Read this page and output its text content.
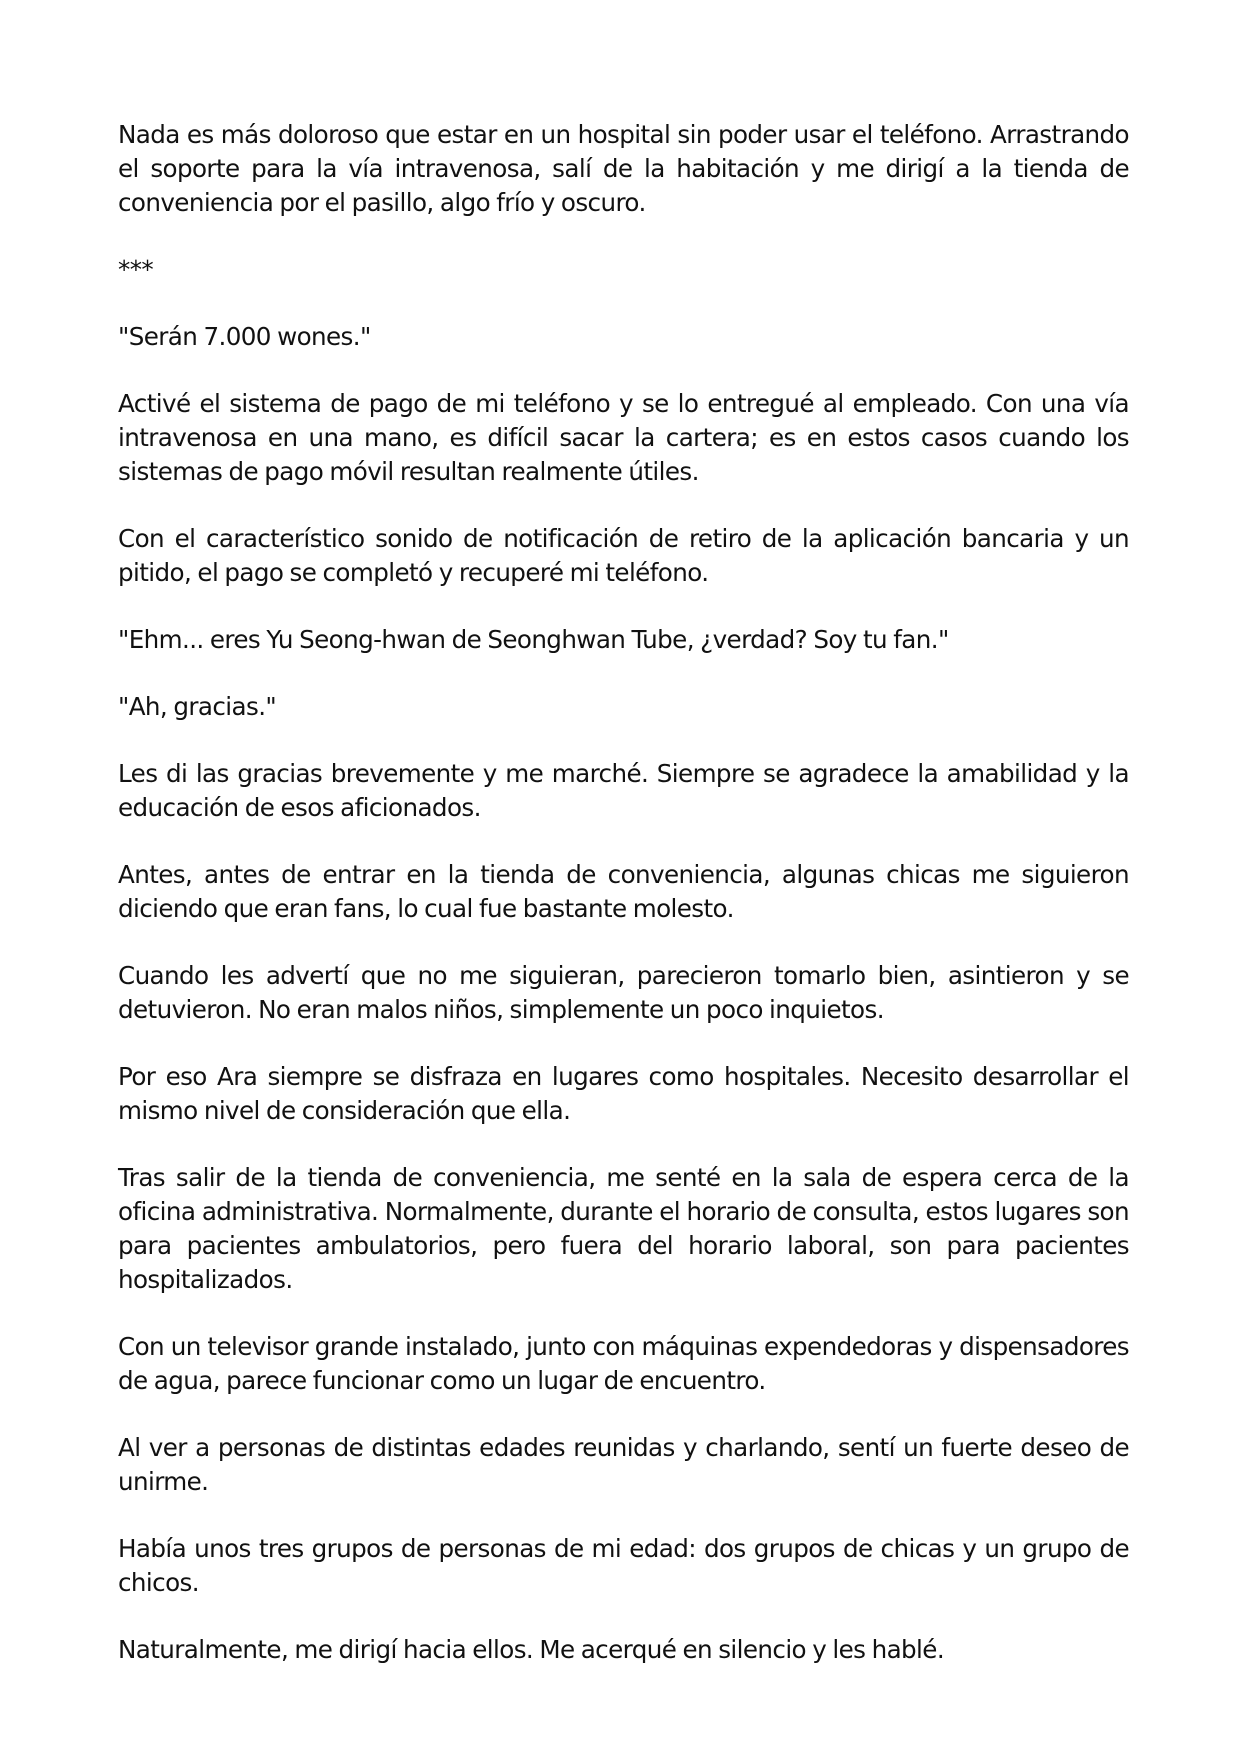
Nada es más doloroso que estar en un hospital sin poder usar el teléfono. Arrastrando el soporte para la vía intravenosa, salí de la habitación y me dirigí a la tienda de conveniencia por el pasillo, algo frío y oscuro.

***

"Serán 7.000 wones."

Activé el sistema de pago de mi teléfono y se lo entregué al empleado. Con una vía intravenosa en una mano, es difícil sacar la cartera; es en estos casos cuando los sistemas de pago móvil resultan realmente útiles.

Con el característico sonido de notificación de retiro de la aplicación bancaria y un pitido, el pago se completó y recuperé mi teléfono.

"Ehm... eres Yu Seong-hwan de Seonghwan Tube, ¿verdad? Soy tu fan."

"Ah, gracias."

Les di las gracias brevemente y me marché. Siempre se agradece la amabilidad y la educación de esos aficionados.

Antes, antes de entrar en la tienda de conveniencia, algunas chicas me siguieron diciendo que eran fans, lo cual fue bastante molesto.

Cuando les advertí que no me siguieran, parecieron tomarlo bien, asintieron y se detuvieron. No eran malos niños, simplemente un poco inquietos.

Por eso Ara siempre se disfraza en lugares como hospitales. Necesito desarrollar el mismo nivel de consideración que ella.

Tras salir de la tienda de conveniencia, me senté en la sala de espera cerca de la oficina administrativa. Normalmente, durante el horario de consulta, estos lugares son para pacientes ambulatorios, pero fuera del horario laboral, son para pacientes hospitalizados.

Con un televisor grande instalado, junto con máquinas expendedoras y dispensadores de agua, parece funcionar como un lugar de encuentro.

Al ver a personas de distintas edades reunidas y charlando, sentí un fuerte deseo de unirme.

Había unos tres grupos de personas de mi edad: dos grupos de chicas y un grupo de chicos.

Naturalmente, me dirigí hacia ellos. Me acerqué en silencio y les hablé.
